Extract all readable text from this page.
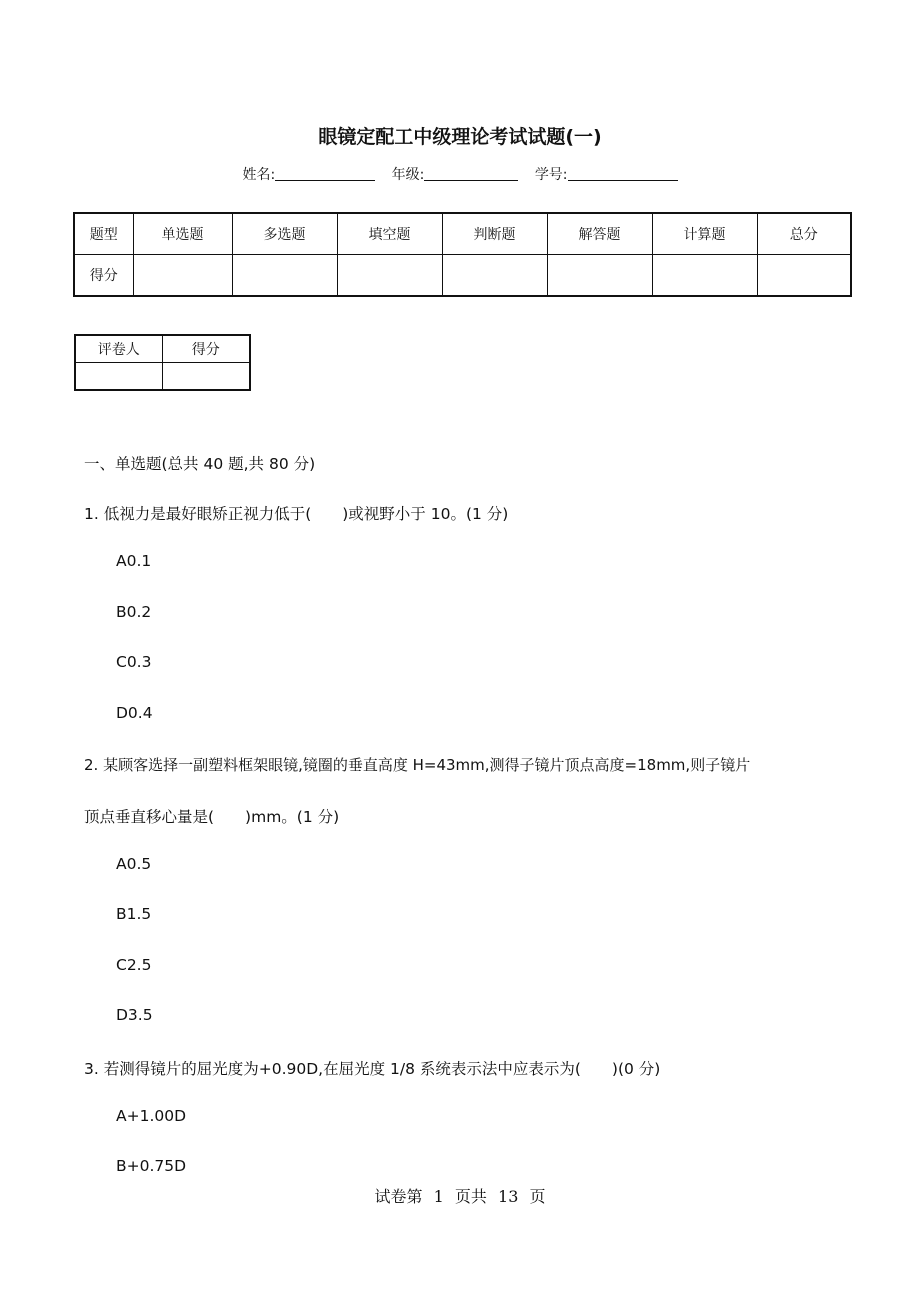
眼镜定配工中级理论考试试题(一)
姓名:	年级:	学号:
题型	单选题	多选题	填空题	判断题	解答题	计算题	总分
得分							
评卷人	得分

一、单选题(总共 40 题,共 80 分)
1. 低视力是最好眼矫正视力低于(　　)或视野小于 10。(1 分)
A0.1
B0.2
C0.3
D0.4
2. 某顾客选择一副塑料框架眼镜,镜圈的垂直高度 H=43mm,测得子镜片顶点高度=18mm,则子镜片
顶点垂直移心量是(　　)mm。(1 分)
A0.5
B1.5
C2.5
D3.5
3. 若测得镜片的屈光度为+0.90D,在屈光度 1/8 系统表示法中应表示为(　　)(0 分)
A+1.00D
B+0.75D
试卷第 1 页共 13 页
